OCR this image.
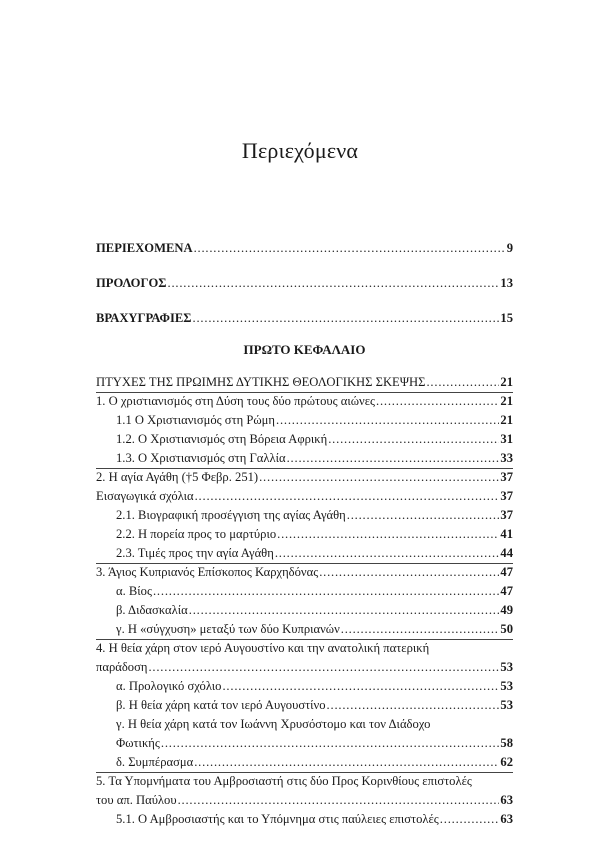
Περιεχόμενα
ΠΕΡΙΕΧΟΜΕΝΑ .....	9
ΠΡΟΛΟΓΟΣ .....	13
ΒΡΑΧΥΓΡΑΦΙΕΣ .....	15
ΠΡΩΤΟ ΚΕΦΑΛΑΙΟ
ΠΤΥΧΕΣ ΤΗΣ ΠΡΩΙΜΗΣ ΔΥΤΙΚΗΣ ΘΕΟΛΟΓΙΚΗΣ ΣΚΕΨΗΣ .....	21
1. Ο χριστιανισμός στη Δύση τους δύο πρώτους αιώνες .....	21
1.1 Ο Χριστιανισμός στη Ρώμη .....	21
1.2. Ο Χριστιανισμός στη Βόρεια Αφρική .....	31
1.3. Ο Χριστιανισμός στη Γαλλία .....	33
2. Η αγία Αγάθη (†5 Φεβρ. 251) .....	37
Εισαγωγικά σχόλια .....	37
2.1. Βιογραφική προσέγγιση της αγίας Αγάθη .....	37
2.2. Η πορεία προς το μαρτύριο .....	41
2.3. Τιμές προς την αγία Αγάθη .....	44
3. Άγιος Κυπριανός Επίσκοπος Καρχηδόνας .....	47
α. Βίος .....	47
β. Διδασκαλία .....	49
γ. Η «σύγχυση» μεταξύ των δύο Κυπριανών .....	50
4. Η θεία χάρη στον ιερό Αυγουστίνο και την ανατολική πατερική
παράδοση .....	53
α. Προλογικό σχόλιο .....	53
β. Η θεία χάρη κατά τον ιερό Αυγουστίνο .....	53
γ. Η θεία χάρη κατά τον Ιωάννη Χρυσόστομο και τον Διάδοχο
Φωτικής .....	58
δ. Συμπέρασμα .....	62
5. Τα Υπομνήματα του Αμβροσιαστή στις δύο Προς Κορινθίους επιστολές
του απ. Παύλου .....	63
5.1. Ο Αμβροσιαστής και το Υπόμνημα στις παύλειες επιστολές .....	63
